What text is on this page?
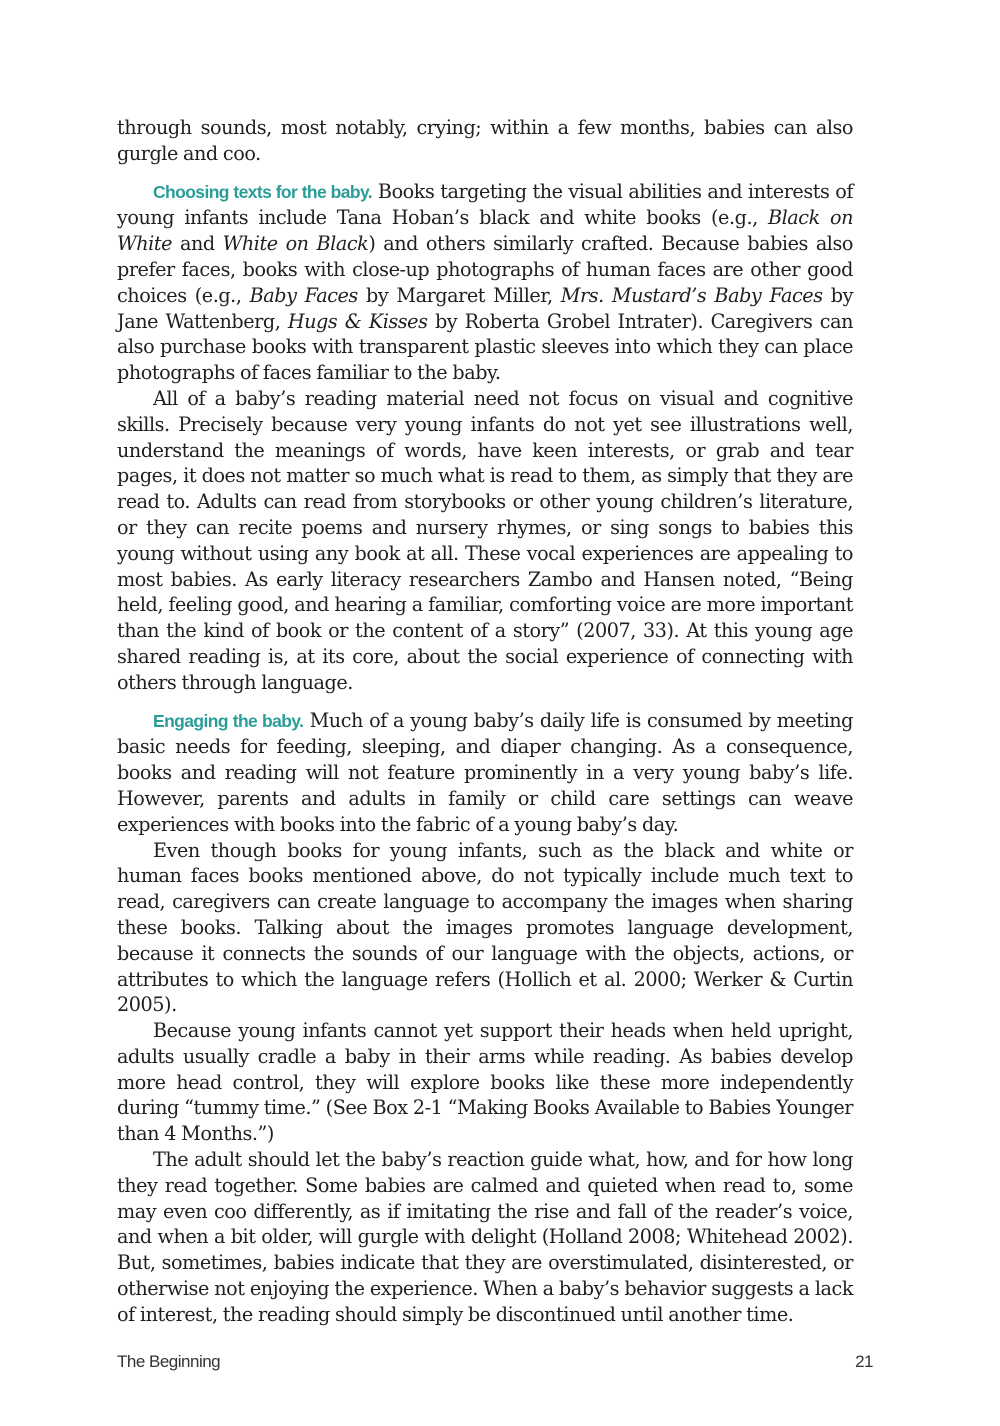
through sounds, most notably, crying; within a few months, babies can also gurgle and coo.

Choosing texts for the baby. Books targeting the visual abilities and interests of young infants include Tana Hoban’s black and white books (e.g., Black on White and White on Black) and others similarly crafted. Because babies also prefer faces, books with close-up photographs of human faces are other good choices (e.g., Baby Faces by Margaret Miller, Mrs. Mustard’s Baby Faces by Jane Wattenberg, Hugs & Kisses by Roberta Grobel Intrater). Caregivers can also purchase books with transparent plastic sleeves into which they can place photographs of faces familiar to the baby.

All of a baby’s reading material need not focus on visual and cognitive skills. Precisely because very young infants do not yet see illustrations well, understand the meanings of words, have keen interests, or grab and tear pages, it does not matter so much what is read to them, as simply that they are read to. Adults can read from storybooks or other young children’s literature, or they can recite poems and nursery rhymes, or sing songs to babies this young without using any book at all. These vocal experiences are appealing to most babies. As early literacy researchers Zambo and Hansen noted, “Being held, feeling good, and hearing a familiar, comforting voice are more important than the kind of book or the content of a story” (2007, 33). At this young age shared reading is, at its core, about the social experience of connecting with others through language.

Engaging the baby. Much of a young baby’s daily life is consumed by meeting basic needs for feeding, sleeping, and diaper changing. As a consequence, books and reading will not feature prominently in a very young baby’s life. However, parents and adults in family or child care settings can weave experiences with books into the fabric of a young baby’s day.

Even though books for young infants, such as the black and white or human faces books mentioned above, do not typically include much text to read, caregivers can create language to accompany the images when sharing these books. Talking about the images promotes language development, because it connects the sounds of our language with the objects, actions, or attributes to which the language refers (Hollich et al. 2000; Werker & Curtin 2005).

Because young infants cannot yet support their heads when held upright, adults usually cradle a baby in their arms while reading. As babies develop more head control, they will explore books like these more independently during “tummy time.” (See Box 2-1 “Making Books Available to Babies Younger than 4 Months.”)

The adult should let the baby’s reaction guide what, how, and for how long they read together. Some babies are calmed and quieted when read to, some may even coo differently, as if imitating the rise and fall of the reader’s voice, and when a bit older, will gurgle with delight (Holland 2008; Whitehead 2002). But, sometimes, babies indicate that they are overstimulated, disinterested, or otherwise not enjoying the experience. When a baby’s behavior suggests a lack of interest, the reading should simply be discontinued until another time.

The Beginning	21
